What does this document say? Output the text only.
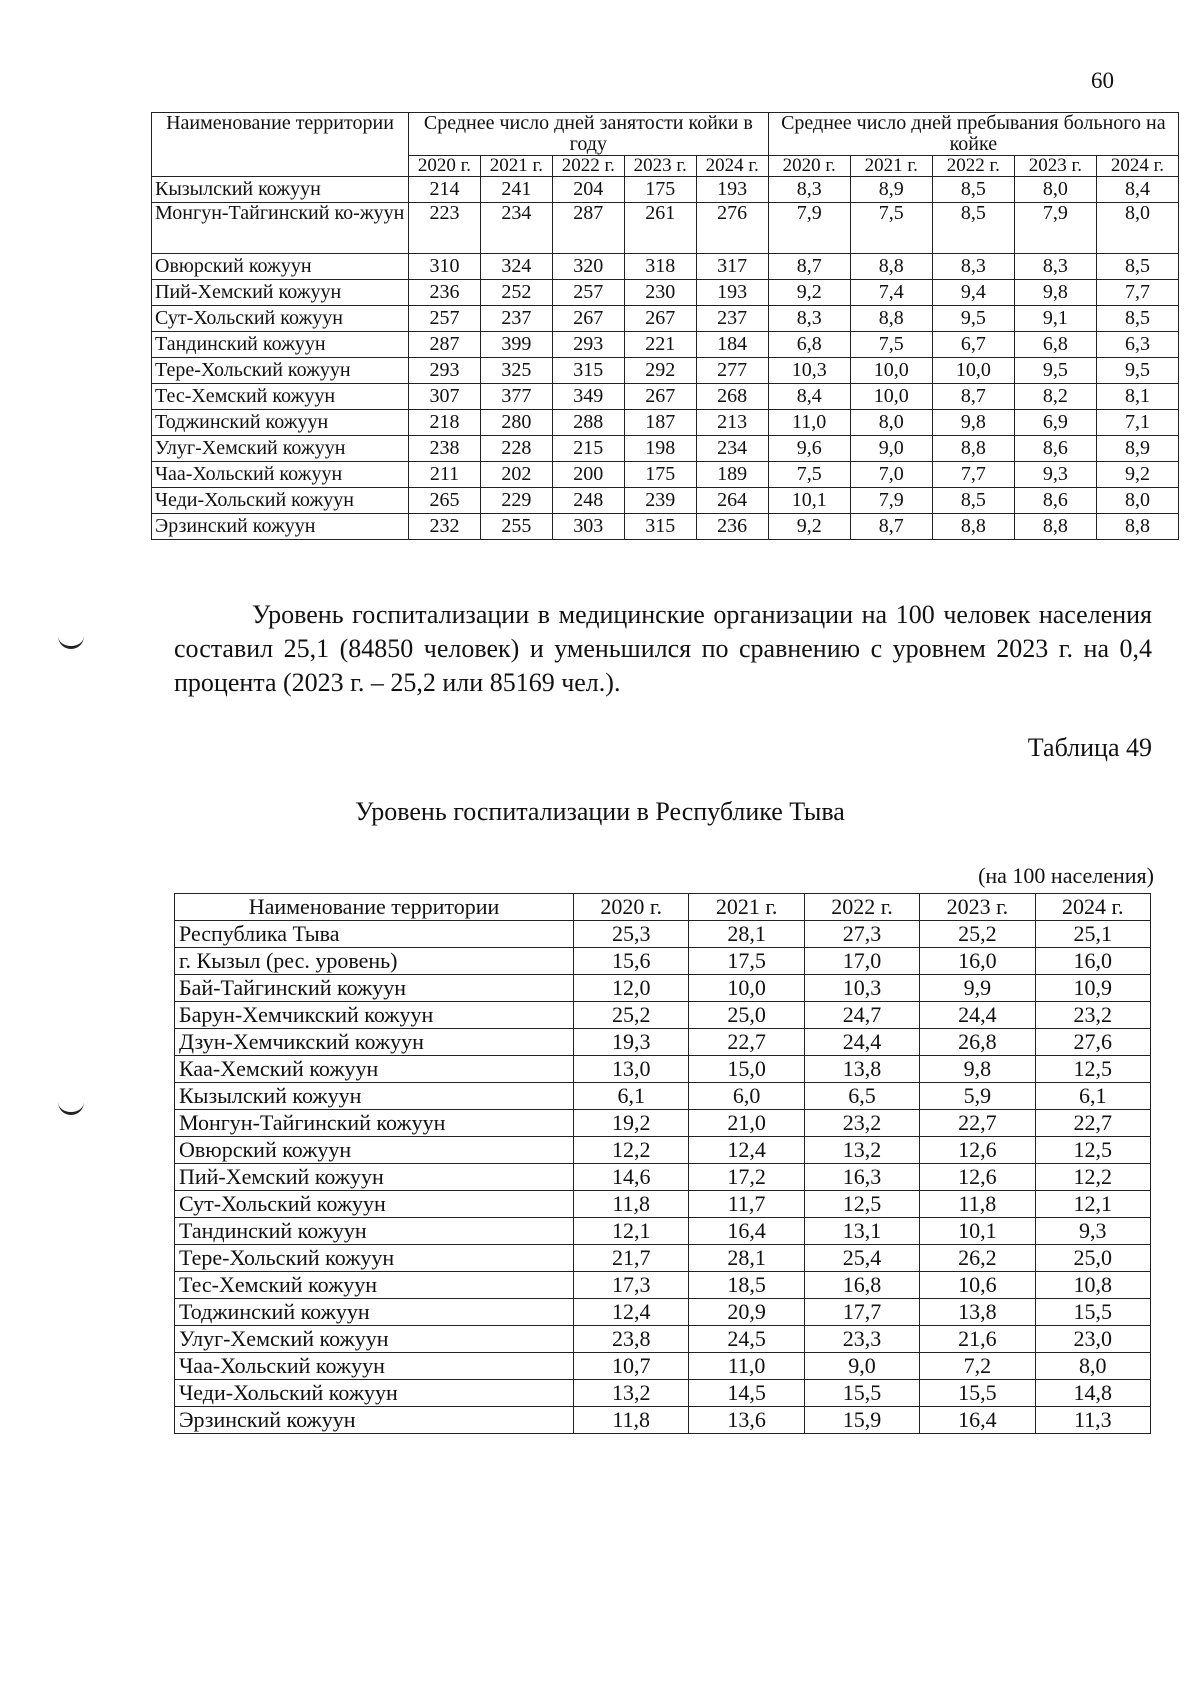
60
Наименование территории	Среднее число дней занятости койки в году					Среднее число дней пребывания больного на койке				
	2020 г.	2021 г.	2022 г.	2023 г.	2024 г.	2020 г.	2021 г.	2022 г.	2023 г.	2024 г.
Кызылский кожуун	214	241	204	175	193	8,3	8,9	8,5	8,0	8,4
Монгун-Тайгинский ко-жуун	223	234	287	261	276	7,9	7,5	8,5	7,9	8,0
Овюрский кожуун	310	324	320	318	317	8,7	8,8	8,3	8,3	8,5
Пий-Хемский кожуун	236	252	257	230	193	9,2	7,4	9,4	9,8	7,7
Сут-Хольский кожуун	257	237	267	267	237	8,3	8,8	9,5	9,1	8,5
Тандинский кожуун	287	399	293	221	184	6,8	7,5	6,7	6,8	6,3
Тере-Хольский кожуун	293	325	315	292	277	10,3	10,0	10,0	9,5	9,5
Тес-Хемский кожуун	307	377	349	267	268	8,4	10,0	8,7	8,2	8,1
Тоджинский кожуун	218	280	288	187	213	11,0	8,0	9,8	6,9	7,1
Улуг-Хемский кожуун	238	228	215	198	234	9,6	9,0	8,8	8,6	8,9
Чаа-Хольский кожуун	211	202	200	175	189	7,5	7,0	7,7	9,3	9,2
Чеди-Хольский кожуун	265	229	248	239	264	10,1	7,9	8,5	8,6	8,0
Эрзинский кожуун	232	255	303	315	236	9,2	8,7	8,8	8,8	8,8
Уровень госпитализации в медицинские организации на 100 человек населения составил 25,1 (84850 человек) и уменьшился по сравнению с уровнем 2023 г. на 0,4 процента (2023 г. – 25,2 или 85169 чел.).
Таблица 49
Уровень госпитализации в Республике Тыва
(на 100 населения)
Наименование территории	2020 г.	2021 г.	2022 г.	2023 г.	2024 г.
Республика Тыва	25,3	28,1	27,3	25,2	25,1
г. Кызыл (рес. уровень)	15,6	17,5	17,0	16,0	16,0
Бай-Тайгинский кожуун	12,0	10,0	10,3	9,9	10,9
Барун-Хемчикский кожуун	25,2	25,0	24,7	24,4	23,2
Дзун-Хемчикский кожуун	19,3	22,7	24,4	26,8	27,6
Каа-Хемский кожуун	13,0	15,0	13,8	9,8	12,5
Кызылский кожуун	6,1	6,0	6,5	5,9	6,1
Монгун-Тайгинский кожуун	19,2	21,0	23,2	22,7	22,7
Овюрский кожуун	12,2	12,4	13,2	12,6	12,5
Пий-Хемский кожуун	14,6	17,2	16,3	12,6	12,2
Сут-Хольский кожуун	11,8	11,7	12,5	11,8	12,1
Тандинский кожуун	12,1	16,4	13,1	10,1	9,3
Тере-Хольский кожуун	21,7	28,1	25,4	26,2	25,0
Тес-Хемский кожуун	17,3	18,5	16,8	10,6	10,8
Тоджинский кожуун	12,4	20,9	17,7	13,8	15,5
Улуг-Хемский кожуун	23,8	24,5	23,3	21,6	23,0
Чаа-Хольский кожуун	10,7	11,0	9,0	7,2	8,0
Чеди-Хольский кожуун	13,2	14,5	15,5	15,5	14,8
Эрзинский кожуун	11,8	13,6	15,9	16,4	11,3
